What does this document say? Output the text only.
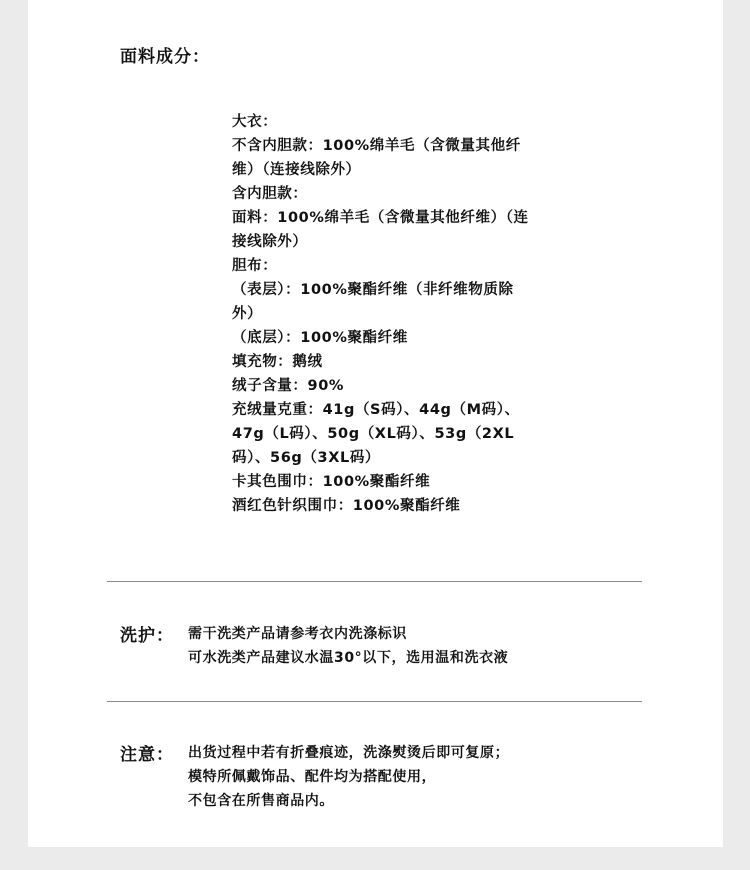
面料成分：
大衣：
不含内胆款：100%绵羊毛（含微量其他纤
维）（连接线除外）
含内胆款：
面料：100%绵羊毛（含微量其他纤维）（连
接线除外）
胆布：
（表层）：100%聚酯纤维（非纤维物质除
外）
（底层）：100%聚酯纤维
填充物：鹅绒
绒子含量：90%
充绒量克重：41g（S码）、44g（M码）、
47g（L码）、50g（XL码）、53g（2XL
码）、56g（3XL码）
卡其色围巾：100%聚酯纤维
酒红色针织围巾：100%聚酯纤维
洗护： 需干洗类产品请参考衣内洗涤标识
可水洗类产品建议水温30°以下，选用温和洗衣液
注意： 出货过程中若有折叠痕迹，洗涤熨烫后即可复原；
模特所佩戴饰品、配件均为搭配使用，
不包含在所售商品内。
